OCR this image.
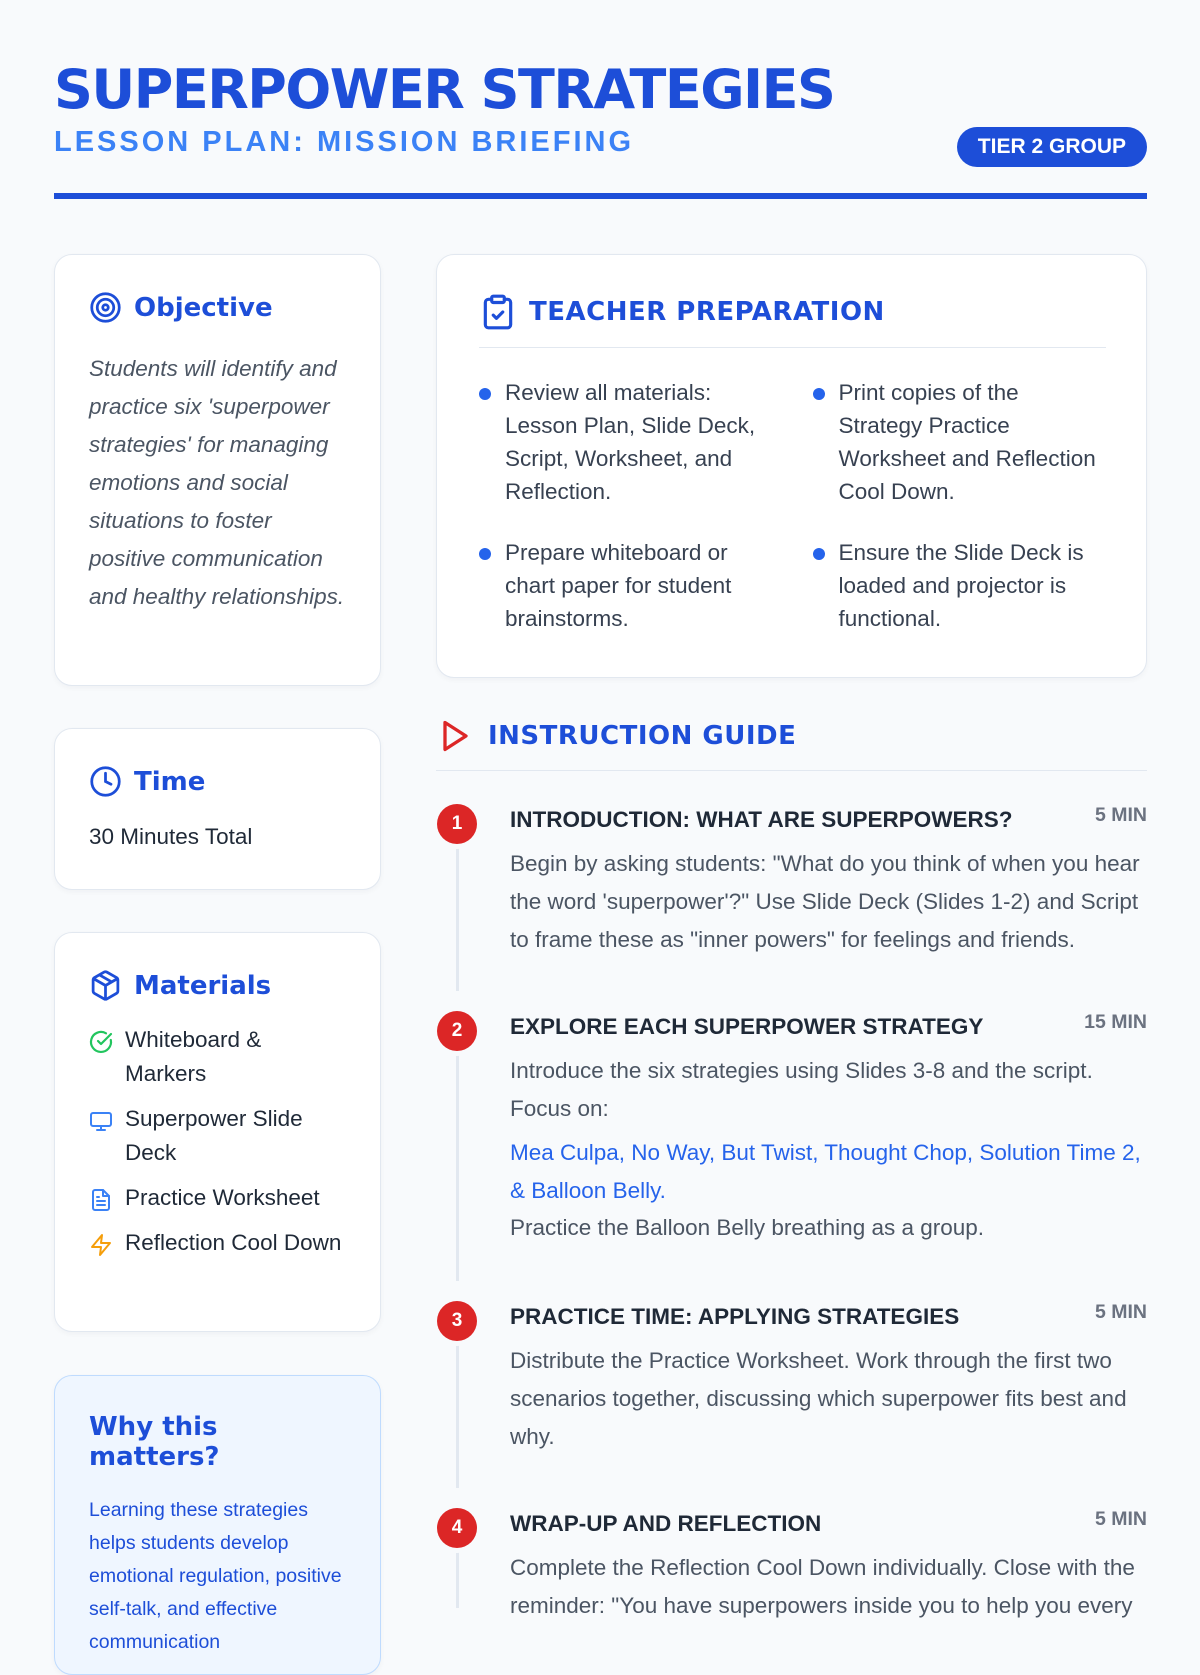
SUPERPOWER STRATEGIES
LESSON PLAN: MISSION BRIEFING	TIER 2 GROUP
Objective

Students will identify and practice six 'superpower strategies' for managing emotions and social situations to foster positive communication and healthy relationships.

Time
30 Minutes Total
Materials
Whiteboard & Markers
Superpower Slide Deck
Practice Worksheet
Reflection Cool Down
Why this matters?

Learning these strategies helps students develop emotional regulation, positive self-talk, and effective communication

TEACHER PREPARATION
Review all materials: Lesson Plan, Slide Deck, Script, Worksheet, and Reflection.
Print copies of the Strategy Practice Worksheet and Reflection Cool Down.
Prepare whiteboard or chart paper for student brainstorms.
Ensure the Slide Deck is loaded and projector is functional.
INSTRUCTION GUIDE
1	INTRODUCTION: WHAT ARE SUPERPOWERS?	5 MIN

Begin by asking students: "What do you think of when you hear the word 'superpower'?" Use Slide Deck (Slides 1-2) and Script to frame these as "inner powers" for feelings and friends.

2	EXPLORE EACH SUPERPOWER STRATEGY	15 MIN

Introduce the six strategies using Slides 3-8 and the script. Focus on:

Mea Culpa, No Way, But Twist, Thought Chop, Solution Time 2, & Balloon Belly.

Practice the Balloon Belly breathing as a group.

3	PRACTICE TIME: APPLYING STRATEGIES	5 MIN

Distribute the Practice Worksheet. Work through the first two scenarios together, discussing which superpower fits best and why.

4	WRAP-UP AND REFLECTION	5 MIN

Complete the Reflection Cool Down individually. Close with the reminder: "You have superpowers inside you to help you every
